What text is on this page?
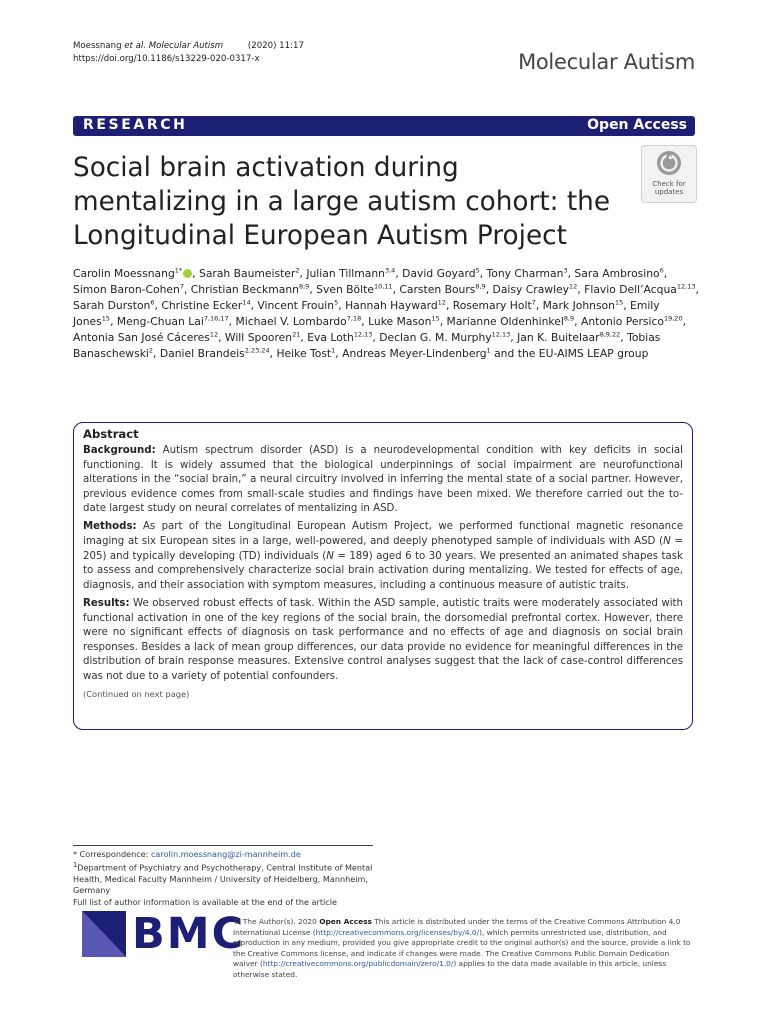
Moessnang et al. Molecular Autism	(2020) 11:17
https://doi.org/10.1186/s13229-020-0317-x	Molecular Autism
RESEARCH	Open Access
Social brain activation during mentalizing in a large autism cohort: the Longitudinal European Autism Project
Check for
updates
Carolin Moessnang$^{1*}$ , Sarah Baumeister$^2$, Julian Tillmann$^{3,4}$, David Goyard$^5$, Tony Charman$^3$, Sara Ambrosino$^6$, Simon Baron-Cohen$^7$, Christian Beckmann$^{8,9}$, Sven Bölte$^{10,11}$, Carsten Bours$^{8,9}$, Daisy Crawley$^{12}$, Flavio Dell’Acqua$^{12,13}$, Sarah Durston$^6$, Christine Ecker$^{14}$, Vincent Frouin$^5$, Hannah Hayward$^{12}$, Rosemary Holt$^7$, Mark Johnson$^{15}$, Emily Jones$^{15}$, Meng-Chuan Lai$^{7,16,17}$, Michael V. Lombardo$^{7,18}$, Luke Mason$^{15}$, Marianne Oldenhinkel$^{8,9}$, Antonio Persico$^{19,20}$, Antonia San José Cáceres$^{12}$, Will Spooren$^{21}$, Eva Loth$^{12,13}$, Declan G. M. Murphy$^{12,13}$, Jan K. Buitelaar$^{8,9,22}$, Tobias Banaschewski$^2$, Daniel Brandeis$^{2,23,24}$, Heike Tost$^1$, Andreas Meyer-Lindenberg$^1$ and the EU-AIMS LEAP group
Abstract

Background: Autism spectrum disorder (ASD) is a neurodevelopmental condition with key deficits in social functioning. It is widely assumed that the biological underpinnings of social impairment are neurofunctional alterations in the “social brain,” a neural circuitry involved in inferring the mental state of a social partner. However, previous evidence comes from small-scale studies and findings have been mixed. We therefore carried out the to-date largest study on neural correlates of mentalizing in ASD.

Methods: As part of the Longitudinal European Autism Project, we performed functional magnetic resonance imaging at six European sites in a large, well-powered, and deeply phenotyped sample of individuals with ASD (N = 205) and typically developing (TD) individuals (N = 189) aged 6 to 30 years. We presented an animated shapes task to assess and comprehensively characterize social brain activation during mentalizing. We tested for effects of age, diagnosis, and their association with symptom measures, including a continuous measure of autistic traits.

Results: We observed robust effects of task. Within the ASD sample, autistic traits were moderately associated with functional activation in one of the key regions of the social brain, the dorsomedial prefrontal cortex. However, there were no significant effects of diagnosis on task performance and no effects of age and diagnosis on social brain responses. Besides a lack of mean group differences, our data provide no evidence for meaningful differences in the distribution of brain response measures. Extensive control analyses suggest that the lack of case-control differences was not due to a variety of potential confounders.

(Continued on next page)
* Correspondence: carolin.moessnang@zi-mannheim.de
$^1$Department of Psychiatry and Psychotherapy, Central Institute of Mental Health, Medical Faculty Mannheim / University of Heidelberg, Mannheim, Germany
Full list of author information is available at the end of the article
BMC
© The Author(s). 2020 Open Access This article is distributed under the terms of the Creative Commons Attribution 4.0 International License (http://creativecommons.org/licenses/by/4.0/), which permits unrestricted use, distribution, and reproduction in any medium, provided you give appropriate credit to the original author(s) and the source, provide a link to the Creative Commons license, and indicate if changes were made. The Creative Commons Public Domain Dedication waiver (http://creativecommons.org/publicdomain/zero/1.0/) applies to the data made available in this article, unless otherwise stated.
